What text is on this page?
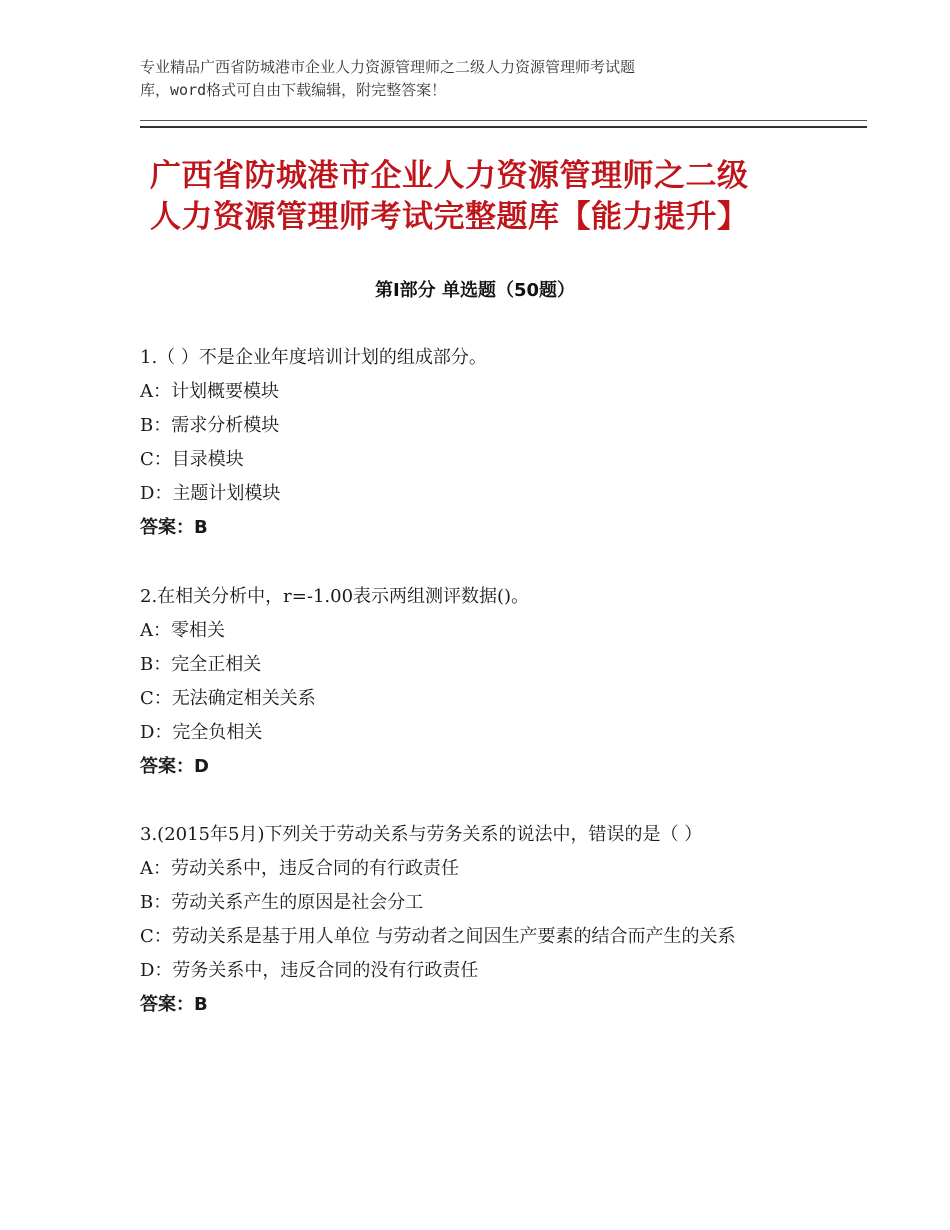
专业精品广西省防城港市企业人力资源管理师之二级人力资源管理师考试题
库，word格式可自由下载编辑，附完整答案！
广西省防城港市企业人力资源管理师之二级
人力资源管理师考试完整题库【能力提升】
第Ⅰ部分 单选题（50题）

1.（ ）不是企业年度培训计划的组成部分。

A：计划概要模块

B：需求分析模块

C：目录模块

D：主题计划模块

答案：B

2.在相关分析中，r=-1.00表示两组测评数据()。

A：零相关

B：完全正相关

C：无法确定相关关系

D：完全负相关

答案：D

3.(2015年5月)下列关于劳动关系与劳务关系的说法中，错误的是（ ）

A：劳动关系中，违反合同的有行政责任

B：劳动关系产生的原因是社会分工

C：劳动关系是基于用人单位 与劳动者之间因生产要素的结合而产生的关系

D：劳务关系中，违反合同的没有行政责任

答案：B
